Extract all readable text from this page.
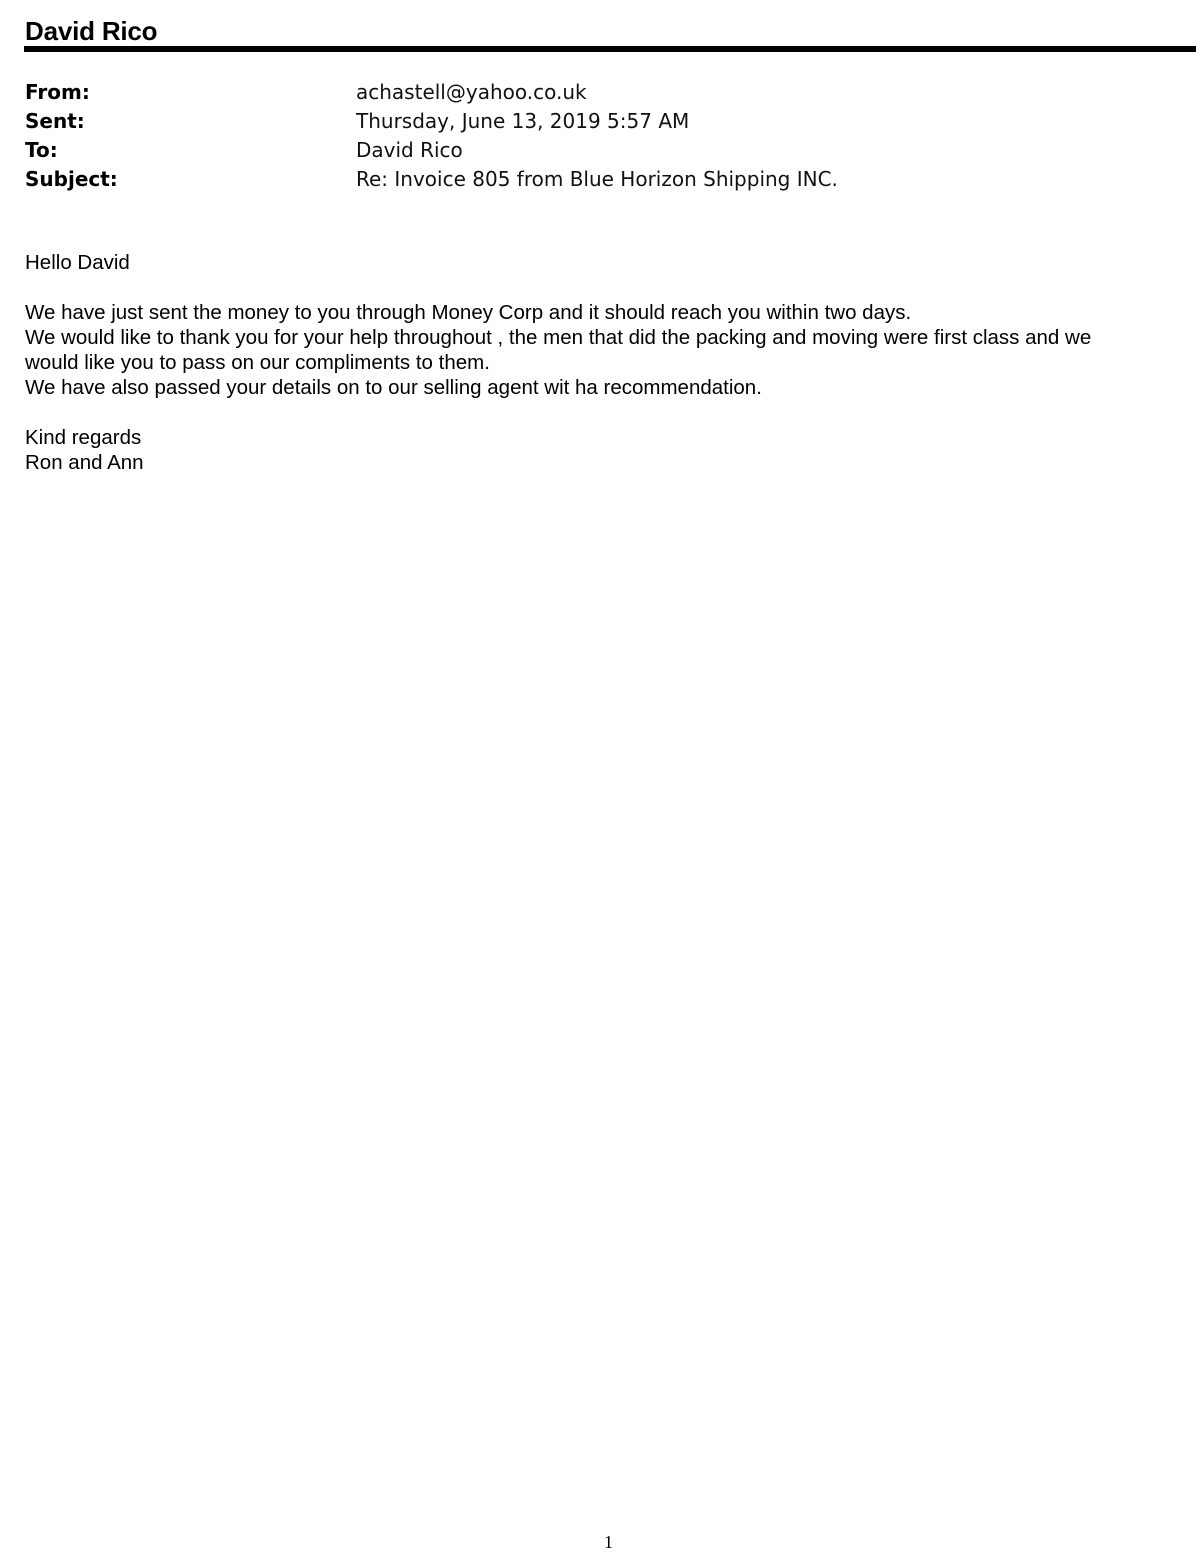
David Rico
From:	achastell@yahoo.co.uk
Sent:	Thursday, June 13, 2019 5:57 AM
To:	David Rico
Subject:	Re: Invoice 805 from Blue Horizon Shipping INC.

Hello David

We have just sent the money to you through Money Corp and it should reach you within two days.

We would like to thank you for your help throughout , the men that did the packing and moving were first class and we

would like you to pass on our compliments to them.

We have also passed your details on to our selling agent wit ha recommendation.

Kind regards

Ron and Ann

1
